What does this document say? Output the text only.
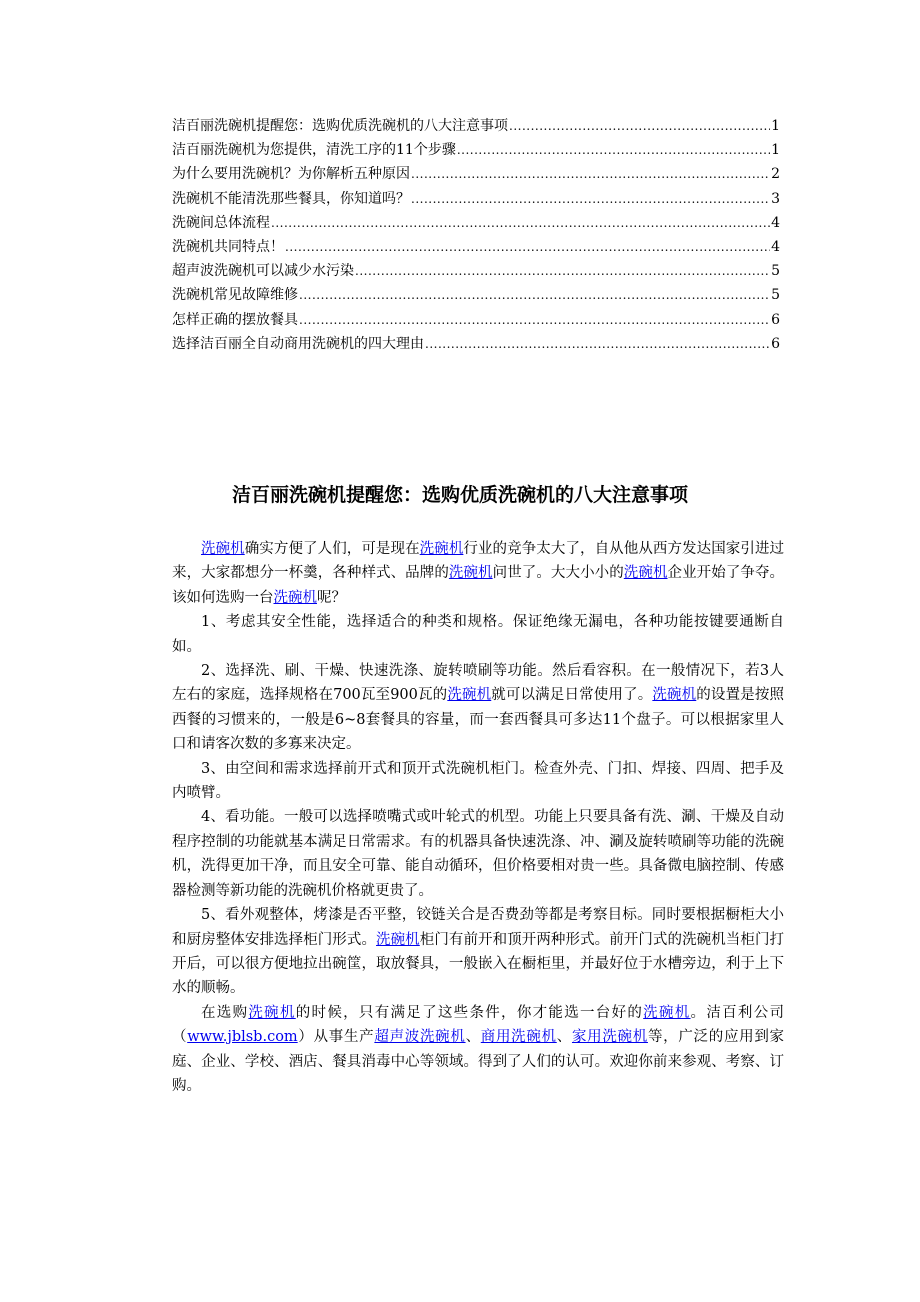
洁百丽洗碗机提醒您：选购优质洗碗机的八大注意事项 .....	1
洁百丽洗碗机为您提供，清洗工序的11个步骤 .....	1
为什么要用洗碗机？为你解析五种原因 .....	2
洗碗机不能清洗那些餐具，你知道吗？ .....	3
洗碗间总体流程 .....	4
洗碗机共同特点！ .....	4
超声波洗碗机可以减少水污染 .....	5
洗碗机常见故障维修 .....	5
怎样正确的摆放餐具 .....	6
选择洁百丽全自动商用洗碗机的四大理由 .....	6
洁百丽洗碗机提醒您：选购优质洗碗机的八大注意事项

洗碗机确实方便了人们，可是现在洗碗机行业的竞争太大了，自从他从西方发达国家引进过来，大家都想分一杯羹，各种样式、品牌的洗碗机问世了。大大小小的洗碗机企业开始了争夺。该如何选购一台洗碗机呢？

1、考虑其安全性能，选择适合的种类和规格。保证绝缘无漏电，各种功能按键要通断自如。

2、选择洗、刷、干燥、快速洗涤、旋转喷刷等功能。然后看容积。在一般情况下，若3人左右的家庭，选择规格在700瓦至900瓦的洗碗机就可以满足日常使用了。洗碗机的设置是按照西餐的习惯来的，一般是6~8套餐具的容量，而一套西餐具可多达11个盘子。可以根据家里人口和请客次数的多寡来决定。

3、由空间和需求选择前开式和顶开式洗碗机柜门。检查外壳、门扣、焊接、四周、把手及内喷臂。

4、看功能。一般可以选择喷嘴式或叶轮式的机型。功能上只要具备有洗、涮、干燥及自动程序控制的功能就基本满足日常需求。有的机器具备快速洗涤、冲、涮及旋转喷刷等功能的洗碗机，洗得更加干净，而且安全可靠、能自动循环，但价格要相对贵一些。具备微电脑控制、传感器检测等新功能的洗碗机价格就更贵了。

5、看外观整体，烤漆是否平整，铰链关合是否费劲等都是考察目标。同时要根据橱柜大小和厨房整体安排选择柜门形式。洗碗机柜门有前开和顶开两种形式。前开门式的洗碗机当柜门打开后，可以很方便地拉出碗筐，取放餐具，一般嵌入在橱柜里，并最好位于水槽旁边，利于上下水的顺畅。

在选购洗碗机的时候，只有满足了这些条件，你才能选一台好的洗碗机。洁百利公司（www.jblsb.com）从事生产超声波洗碗机、商用洗碗机、家用洗碗机等，广泛的应用到家庭、企业、学校、酒店、餐具消毒中心等领域。得到了人们的认可。欢迎你前来参观、考察、订购。
